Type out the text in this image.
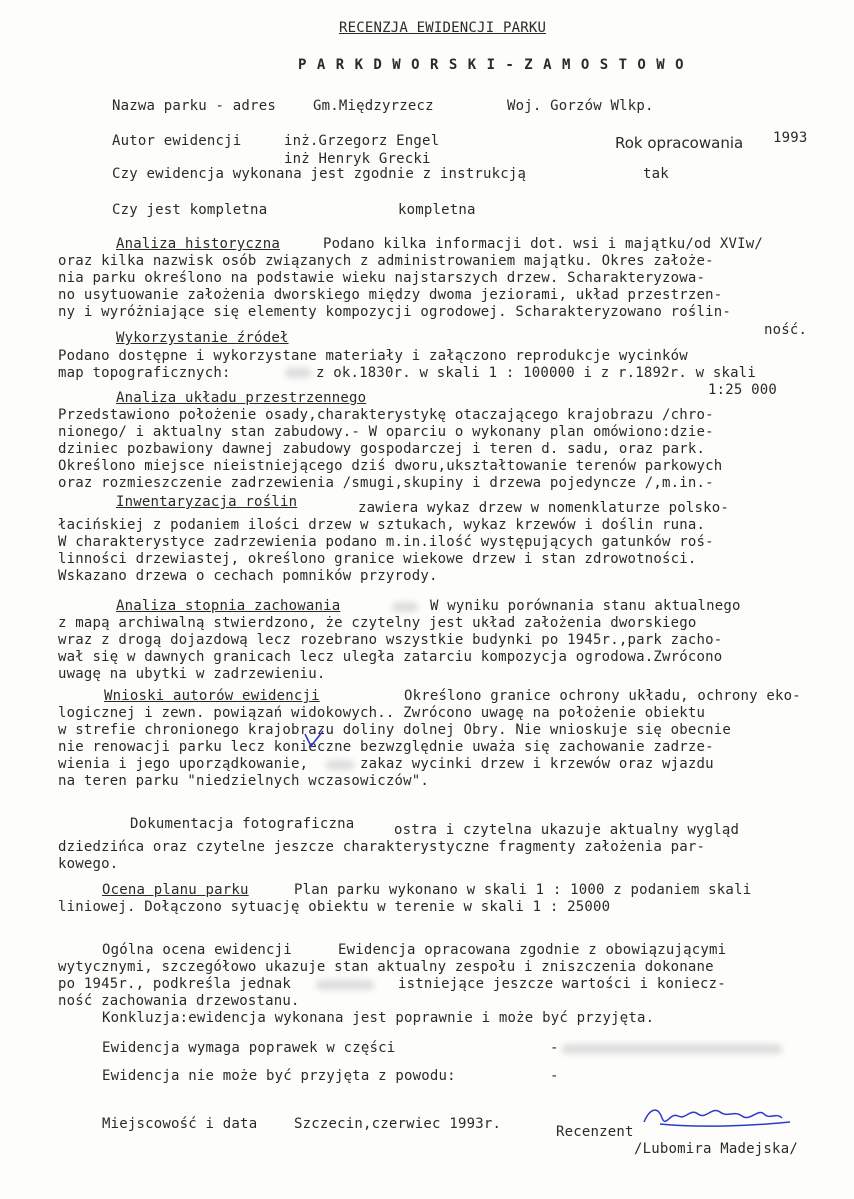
RECENZJA EWIDENCJI PARKU
P A R K D W O R S K I - Z A M O S T O W O
Nazwa parku - adres	Gm.Międzyrzecz	Woj. Gorzów Wlkp.
Autor ewidencji	inż.Grzegorz Engel
inż Henryk Grecki
Rok opracowania 1993
Czy ewidencja wykonana jest zgodnie z instrukcją	tak
Czy jest kompletna	kompletna
Analiza historyczna	Podano kilka informacji dot. wsi i majątku/od XVIw/
oraz kilka nazwisk osób związanych z administrowaniem majątku. Okres założe-
nia parku określono na podstawie wieku najstarszych drzew. Scharakteryzowa-
no usytuowanie założenia dworskiego między dwoma jeziorami, układ przestrzen-
ny i wyróżniające się elementy kompozycji ogrodowej. Scharakteryzowano roślin-
ność.
Wykorzystanie źródeł
Podano dostępne i wykorzystane materiały i załączono reprodukcje wycinków
map topograficznych:	z ok.1830r. w skali 1 : 100000 i z r.1892r. w skali
1:25 000
Analiza układu przestrzennego
Przedstawiono położenie osady,charakterystykę otaczającego krajobrazu /chro-
nionego/ i aktualny stan zabudowy.- W oparciu o wykonany plan omówiono:dzie-
dziniec pozbawiony dawnej zabudowy gospodarczej i teren d. sadu, oraz park.
Określono miejsce nieistniejącego dziś dworu,ukształtowanie terenów parkowych
oraz rozmieszczenie zadrzewienia /smugi,skupiny i drzewa pojedyncze /,m.in.-
Inwentaryzacja roślin	zawiera wykaz drzew w nomenklaturze polsko-
łacińskiej z podaniem ilości drzew w sztukach, wykaz krzewów i doślin runa.
W charakterystyce zadrzewienia podano m.in.ilość występujących gatunków roś-
linności drzewiastej, określono granice wiekowe drzew i stan zdrowotności.
Wskazano drzewa o cechach pomników przyrody.
Analiza stopnia zachowania	W wyniku porównania stanu aktualnego
z mapą archiwalną stwierdzono, że czytelny jest układ założenia dworskiego
wraz z drogą dojazdową lecz rozebrano wszystkie budynki po 1945r.,park zacho-
wał się w dawnych granicach lecz uległa zatarciu kompozycja ogrodowa.Zwrócono
uwagę na ubytki w zadrzewieniu.
Wnioski autorów ewidencji	Określono granice ochrony układu, ochrony eko-
logicznej i zewn. powiązań widokowych.. Zwrócono uwagę na położenie obiektu
w strefie chronionego krajobrazu doliny dolnej Obry. Nie wnioskuje się obecnie
nie renowacji parku lecz konieczne bezwzględnie uważa się zachowanie zadrze-
wienia i jego uporządkowanie,	zakaz wycinki drzew i krzewów oraz wjazdu
na teren parku "niedzielnych wczasowiczów".
Dokumentacja fotograficzna	ostra i czytelna ukazuje aktualny wygląd
dziedzińca oraz czytelne jeszcze charakterystyczne fragmenty założenia par-
kowego.
Ocena planu parku	Plan parku wykonano w skali 1 : 1000 z podaniem skali
liniowej. Dołączono sytuację obiektu w terenie w skali 1 : 25000
Ogólna ocena ewidencji	Ewidencja opracowana zgodnie z obowiązującymi
wytycznymi, szczegółowo ukazuje stan aktualny zespołu i zniszczenia dokonane
po 1945r., podkreśla jednak	istniejące jeszcze wartości i koniecz-
ność zachowania drzewostanu.
Konkluzja:ewidencja wykonana jest poprawnie i może być przyjęta.
Ewidencja wymaga poprawek w części	-
Ewidencja nie może być przyjęta z powodu:	-
Miejscowość i data	Szczecin,czerwiec 1993r.	Recenzent
/Lubomira Madejska/
